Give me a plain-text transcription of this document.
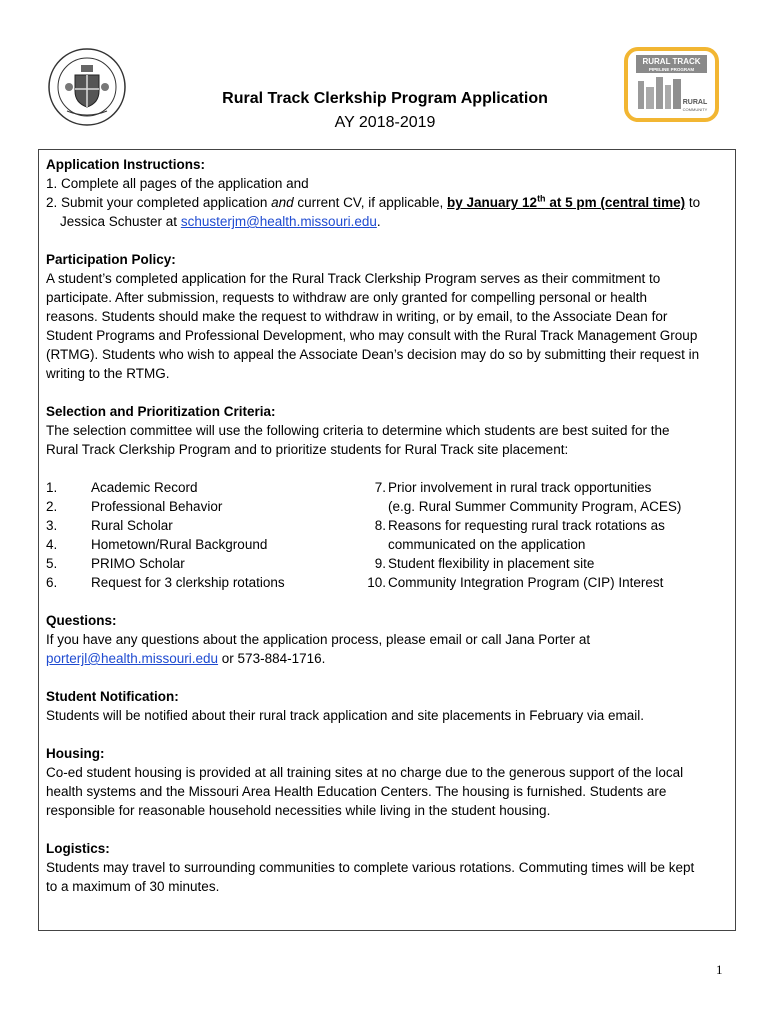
RURAL TRACK
PIPELINE PROGRAM
RURAL
COMMUNITY
Rural Track Clerkship Program Application
AY 2018-2019
Application Instructions:
1. Complete all pages of the application and
2. Submit your completed application and current CV, if applicable, by January 12th at 5 pm (central time) to
Jessica Schuster at schusterjm@health.missouri.edu.
Participation Policy:
A student’s completed application for the Rural Track Clerkship Program serves as their commitment to
participate. After submission, requests to withdraw are only granted for compelling personal or health
reasons. Students should make the request to withdraw in writing, or by email, to the Associate Dean for
Student Programs and Professional Development, who may consult with the Rural Track Management Group
(RTMG). Students who wish to appeal the Associate Dean’s decision may do so by submitting their request in
writing to the RTMG.
Selection and Prioritization Criteria:
The selection committee will use the following criteria to determine which students are best suited for the
Rural Track Clerkship Program and to prioritize students for Rural Track site placement:
1. Academic Record
2. Professional Behavior
3. Rural Scholar
4. Hometown/Rural Background
5. PRIMO Scholar
6. Request for 3 clerkship rotations
7. Prior involvement in rural track opportunities
(e.g. Rural Summer Community Program, ACES)
8. Reasons for requesting rural track rotations as
communicated on the application
9. Student flexibility in placement site
10. Community Integration Program (CIP) Interest
Questions:
If you have any questions about the application process, please email or call Jana Porter at
porterjl@health.missouri.edu or 573-884-1716.
Student Notification:
Students will be notified about their rural track application and site placements in February via email.
Housing:
Co-ed student housing is provided at all training sites at no charge due to the generous support of the local
health systems and the Missouri Area Health Education Centers. The housing is furnished. Students are
responsible for reasonable household necessities while living in the student housing.
Logistics:
Students may travel to surrounding communities to complete various rotations. Commuting times will be kept
to a maximum of 30 minutes.
1
